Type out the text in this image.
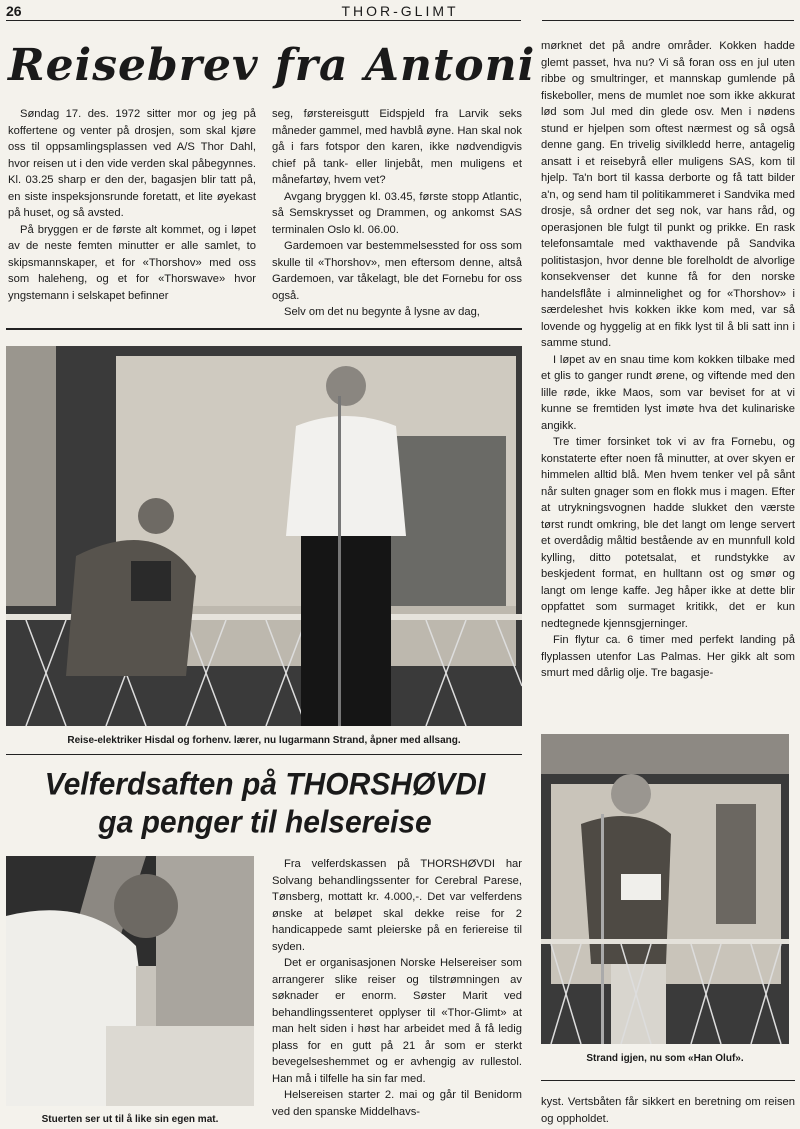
26	THOR-GLIMT
Reisebrev fra Antoni

Søndag 17. des. 1972 sitter mor og jeg på koffertene og venter på drosjen, som skal kjøre oss til oppsamlingsplassen ved A/S Thor Dahl, hvor reisen ut i den vide verden skal påbegynnes. Kl. 03.25 sharp er den der, bagasjen blir tatt på, en siste inspeksjonsrunde foretatt, et lite øyekast på huset, og så avsted.

På bryggen er de første alt kommet, og i løpet av de neste femten minutter er alle samlet, to skipsmannskaper, et for «Thorshov» med oss som haleheng, og et for «Thorswave» hvor yngstemann i selskapet befinner

seg, førstereisgutt Eidspjeld fra Larvik seks måneder gammel, med havblå øyne. Han skal nok gå i fars fotspor den karen, ikke nødvendigvis chief på tank- eller linjebåt, men muligens et månefartøy, hvem vet?

Avgang bryggen kl. 03.45, første stopp Atlantic, så Semskrysset og Drammen, og ankomst SAS terminalen Oslo kl. 06.00.

Gardemoen var bestemmelsessted for oss som skulle til «Thorshov», men eftersom denne, altså Gardemoen, var tåkelagt, ble det Fornebu for oss også.

Selv om det nu begynte å lysne av dag,

mørknet det på andre områder. Kokken hadde glemt passet, hva nu? Vi så foran oss en jul uten ribbe og smultringer, et mannskap gumlende på fiskeboller, mens de mumlet noe som ikke akkurat lød som Jul med din glede osv. Men i nødens stund er hjelpen som oftest nærmest og så også denne gang. En trivelig sivilkledd herre, antagelig ansatt i et reisebyrå eller muligens SAS, kom til hjelp. Ta'n bort til kassa derborte og få tatt bilder a'n, og send ham til politikammeret i Sandvika med drosje, så ordner det seg nok, var hans råd, og operasjonen ble fulgt til punkt og prikke. En rask telefonsamtale med vakthavende på Sandvika politistasjon, hvor denne ble forelholdt de alvorlige konsekvenser det kunne få for den norske handelsflåte i alminnelighet og for «Thorshov» i særdeleshet hvis kokken ikke kom med, var så lovende og hyggelig at en fikk lyst til å bli satt inn i samme stund.

I løpet av en snau time kom kokken tilbake med et glis to ganger rundt ørene, og viftende med den lille røde, ikke Maos, som var beviset for at vi kunne se fremtiden lyst imøte hva det kulinariske angikk.

Tre timer forsinket tok vi av fra Fornebu, og konstaterte efter noen få minutter, at over skyen er himmelen alltid blå. Men hvem tenker vel på sånt når sulten gnager som en flokk mus i magen. Efter at utrykningsvognen hadde slukket den værste tørst rundt omkring, ble det langt om lenge servert et overdådig måltid bestående av en munnfull kold kylling, ditto potetsalat, et rundstykke av beskjedent format, en hulltann ost og smør og langt om lenge kaffe. Jeg håper ikke at dette blir oppfattet som surmaget kritikk, det er kun nedtegnede kjennsgjerninger.

Fin flytur ca. 6 timer med perfekt landing på flyplassen utenfor Las Palmas. Her gikk alt som smurt med dårlig olje. Tre bagasje-

Reise-elektriker Hisdal og forhenv. lærer, nu lugarmann Strand, åpner med allsang.
Velferdsaften på THORSHØVDI
ga penger til helsereise
Stuerten ser ut til å like sin egen mat.

Fra velferdskassen på THORSHØVDI har Solvang behandlingssenter for Cerebral Parese, Tønsberg, mottatt kr. 4.000,-. Det var velferdens ønske at beløpet skal dekke reise for 2 handicappede samt pleierske på en feriereise til syden.

Det er organisasjonen Norske Helsereiser som arrangerer slike reiser og tilstrømningen av søknader er enorm. Søster Marit ved behandlingssenteret opplyser til «Thor-Glimt» at man helt siden i høst har arbeidet med å få ledig plass for en gutt på 21 år som er sterkt bevegelseshemmet og er avhengig av rullestol. Han må i tilfelle ha sin far med.

Helsereisen starter 2. mai og går til Benidorm ved den spanske Middelhavs-

Strand igjen, nu som «Han Oluf».

kyst. Vertsbåten får sikkert en beretning om reisen og oppholdet.
